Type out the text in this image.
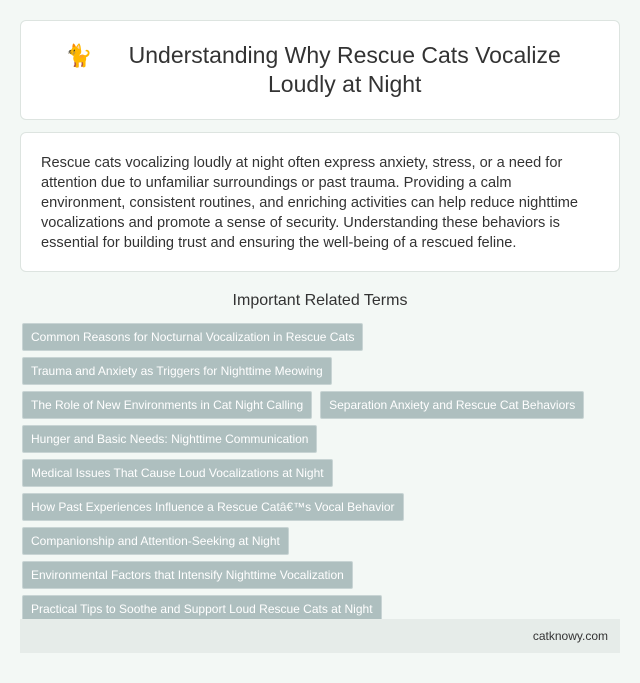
🐈	Understanding Why Rescue Cats Vocalize Loudly at Night

Rescue cats vocalizing loudly at night often express anxiety, stress, or a need for attention due to unfamiliar surroundings or past trauma. Providing a calm environment, consistent routines, and enriching activities can help reduce nighttime vocalizations and promote a sense of security. Understanding these behaviors is essential for building trust and ensuring the well-being of a rescued feline.

Important Related Terms
Common Reasons for Nocturnal Vocalization in Rescue Cats
Trauma and Anxiety as Triggers for Nighttime Meowing
The Role of New Environments in Cat Night Calling	Separation Anxiety and Rescue Cat Behaviors
Hunger and Basic Needs: Nighttime Communication
Medical Issues That Cause Loud Vocalizations at Night
How Past Experiences Influence a Rescue Catâ€™s Vocal Behavior
Companionship and Attention-Seeking at Night
Environmental Factors that Intensify Nighttime Vocalization
Practical Tips to Soothe and Support Loud Rescue Cats at Night
catknowy.com
